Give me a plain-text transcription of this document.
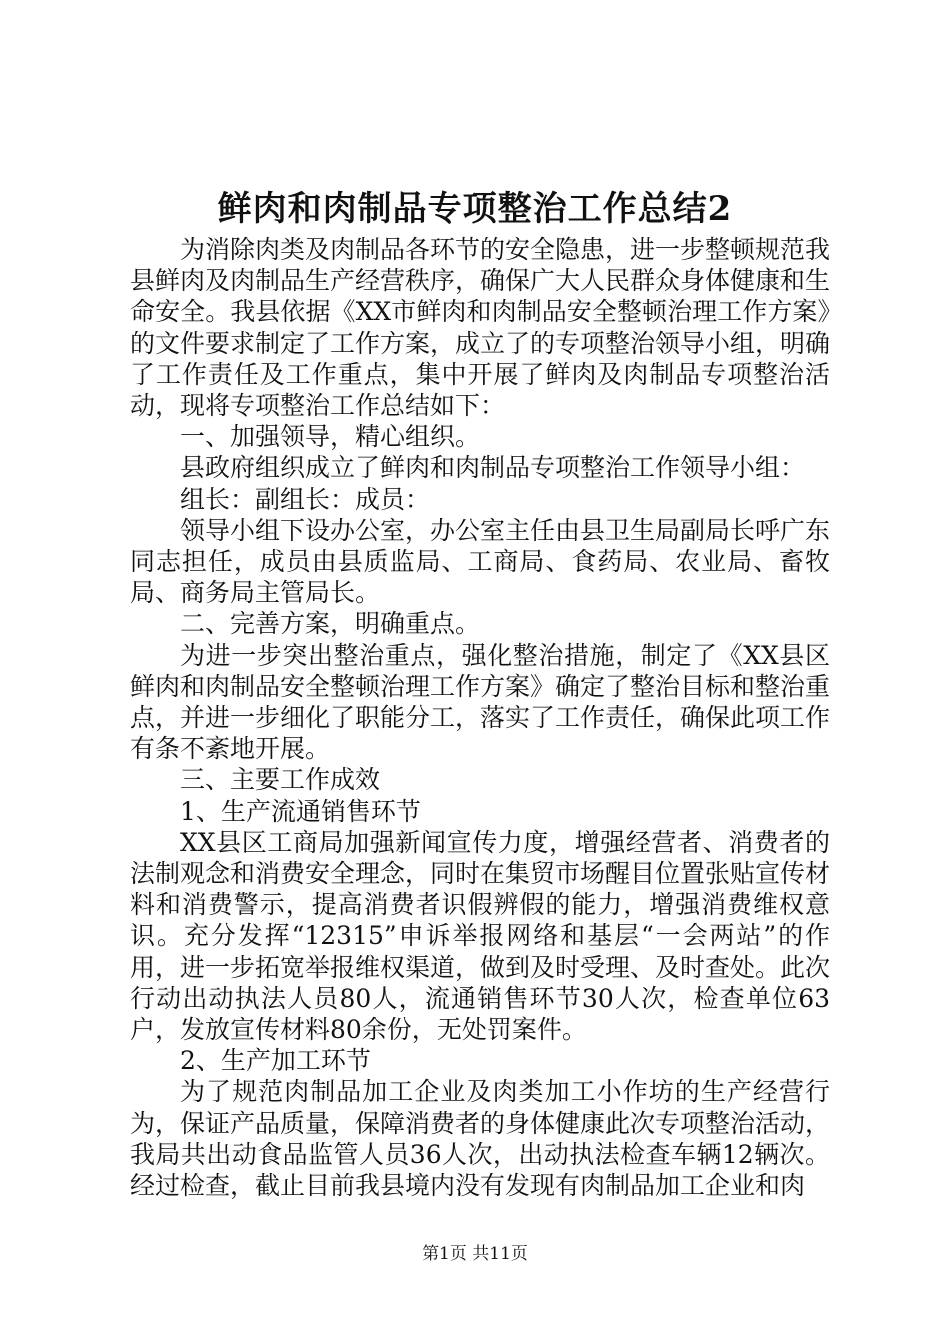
鲜肉和肉制品专项整治工作总结2

为消除肉类及肉制品各环节的安全隐患，进一步整顿规范我县鲜肉及肉制品生产经营秩序，确保广大人民群众身体健康和生命安全。我县依据《XX市鲜肉和肉制品安全整顿治理工作方案》的文件要求制定了工作方案，成立了的专项整治领导小组，明确了工作责任及工作重点，集中开展了鲜肉及肉制品专项整治活动，现将专项整治工作总结如下：

一、加强领导，精心组织。

县政府组织成立了鲜肉和肉制品专项整治工作领导小组：

组长：副组长：成员：

领导小组下设办公室，办公室主任由县卫生局副局长呼广东同志担任，成员由县质监局、工商局、食药局、农业局、畜牧局、商务局主管局长。

二、完善方案，明确重点。

为进一步突出整治重点，强化整治措施，制定了《XX县区鲜肉和肉制品安全整顿治理工作方案》确定了整治目标和整治重点，并进一步细化了职能分工，落实了工作责任，确保此项工作有条不紊地开展。

三、主要工作成效

1、生产流通销售环节

XX县区工商局加强新闻宣传力度，增强经营者、消费者的法制观念和消费安全理念，同时在集贸市场醒目位置张贴宣传材料和消费警示，提高消费者识假辨假的能力，增强消费维权意识。充分发挥“12315”申诉举报网络和基层“一会两站”的作用，进一步拓宽举报维权渠道，做到及时受理、及时查处。此次行动出动执法人员80人，流通销售环节30人次，检查单位63户，发放宣传材料80余份，无处罚案件。

2、生产加工环节

为了规范肉制品加工企业及肉类加工小作坊的生产经营行为，保证产品质量，保障消费者的身体健康此次专项整治活动，我局共出动食品监管人员36人次，出动执法检查车辆12辆次。经过检查，截止目前我县境内没有发现有肉制品加工企业和肉

第1页 共11页
